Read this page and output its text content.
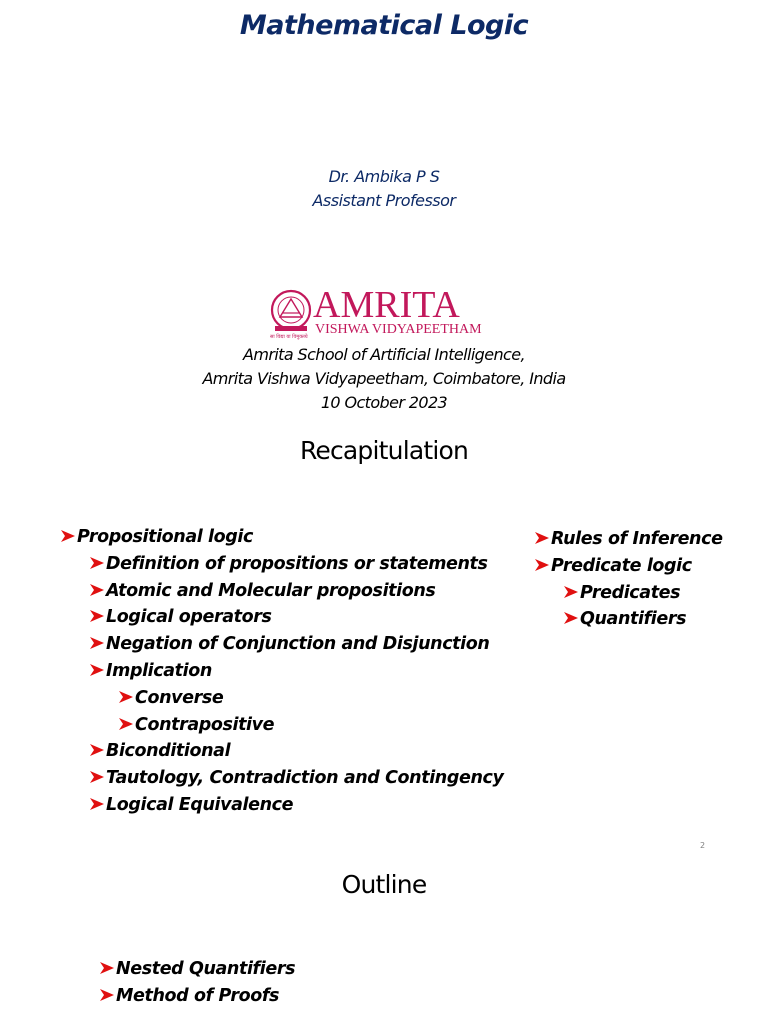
Mathematical Logic
Dr. Ambika P S
Assistant Professor
AMRITA
VISHWA VIDYAPEETHAM
सा विद्या या विमुक्तये
Amrita School of Artificial Intelligence,
Amrita Vishwa Vidyapeetham, Coimbatore, India
10 October 2023
Recapitulation
Propositional logic
Definition of propositions or statements
Atomic and Molecular propositions
Logical operators
Negation of Conjunction and Disjunction
Implication
Converse
Contrapositive
Biconditional
Tautology, Contradiction and Contingency
Logical Equivalence
Rules of Inference
Predicate logic
Predicates
Quantifiers
2
Outline
Nested Quantifiers
Method of Proofs
